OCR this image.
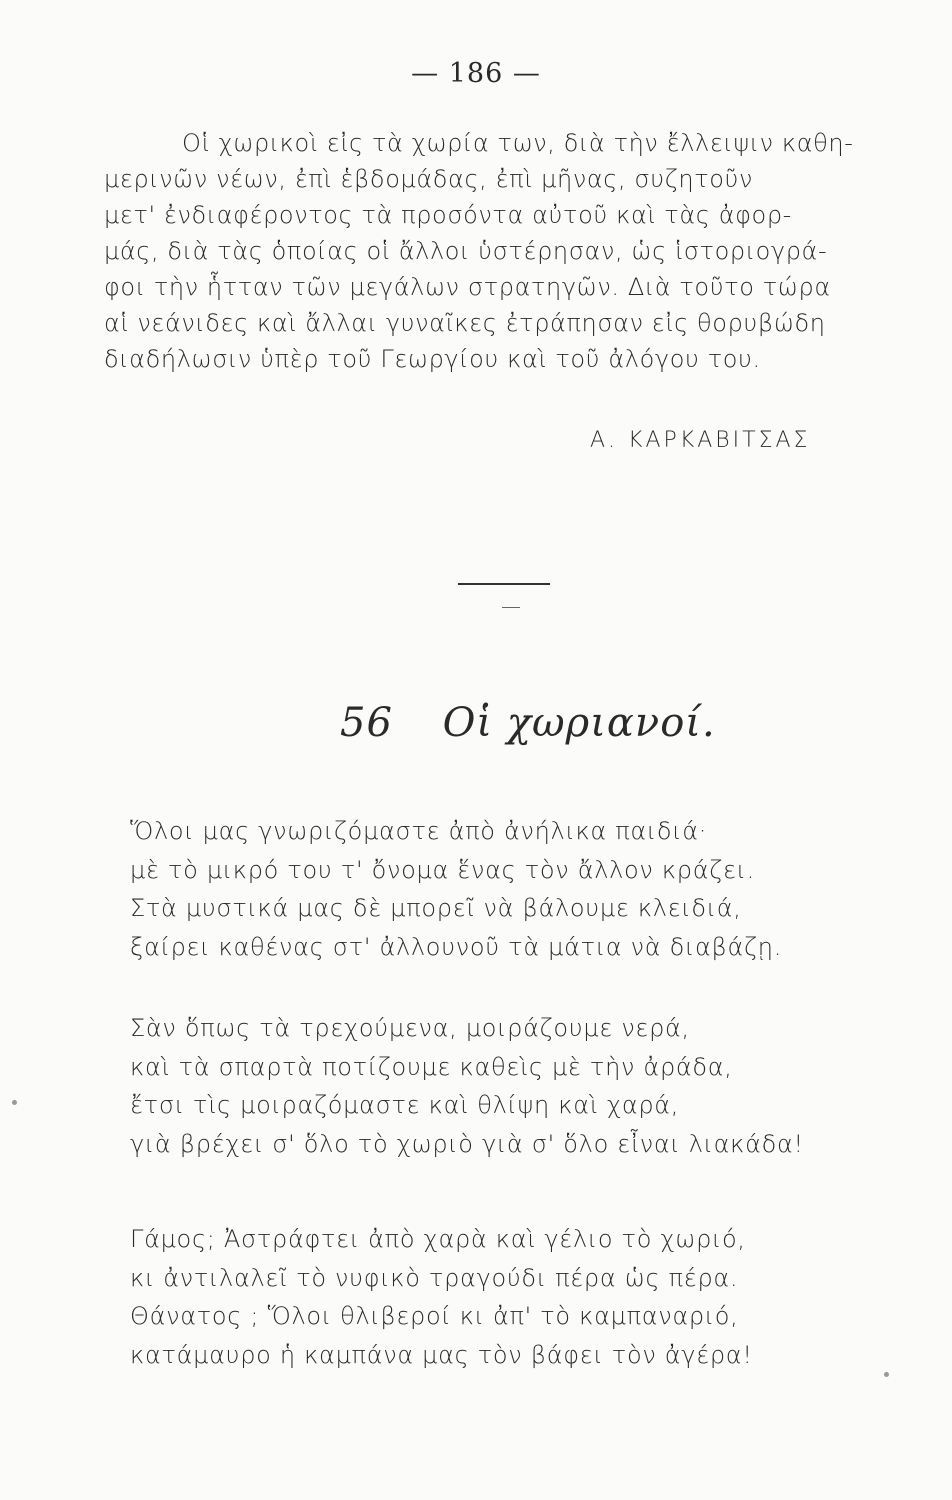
— 186 —
Οἱ χωρικοὶ εἰς τὰ χωρία των, διὰ τὴν ἔλλειψιν καθη-
μερινῶν νέων, ἐπὶ ἑβδομάδας, ἐπὶ μῆνας, συζητοῦν
μετ' ἐνδιαφέροντος τὰ προσόντα αὐτοῦ καὶ τὰς ἀφορ-
μάς, διὰ τὰς ὁποίας οἱ ἄλλοι ὑστέρησαν, ὡς ἱστοριογρά-
φοι τὴν ἧτταν τῶν μεγάλων στρατηγῶν. Διὰ τοῦτο τώρα
αἱ νεάνιδες καὶ ἄλλαι γυναῖκες ἐτράπησαν εἰς θορυβώδη
διαδήλωσιν ὑπὲρ τοῦ Γεωργίου καὶ τοῦ ἀλόγου του.
Α. ΚΑΡΚΑΒΙΤΣΑΣ
56 Οἱ χωριανοί.
Ὅλοι μας γνωριζόμαστε ἀπὸ ἀνήλικα παιδιά·
μὲ τὸ μικρό του τ' ὄνομα ἕνας τὸν ἄλλον κράζει.
Στὰ μυστικά μας δὲ μπορεῖ νὰ βάλουμε κλειδιά,
ξαίρει καθένας στ' ἀλλουνοῦ τὰ μάτια νὰ διαβάζῃ.
Σὰν ὅπως τὰ τρεχούμενα, μοιράζουμε νερά,
καὶ τὰ σπαρτὰ ποτίζουμε καθεὶς μὲ τὴν ἀράδα,
ἔτσι τὶς μοιραζόμαστε καὶ θλίψη καὶ χαρά,
γιὰ βρέχει σ' ὅλο τὸ χωριὸ γιὰ σ' ὅλο εἶναι λιακάδα!
Γάμος; Ἀστράφτει ἀπὸ χαρὰ καὶ γέλιο τὸ χωριό,
κι ἀντιλαλεῖ τὸ νυφικὸ τραγούδι πέρα ὡς πέρα.
Θάνατος ; Ὅλοι θλιβεροί κι ἀπ' τὸ καμπαναριό,
κατάμαυρο ἡ καμπάνα μας τὸν βάφει τὸν ἀγέρα!
